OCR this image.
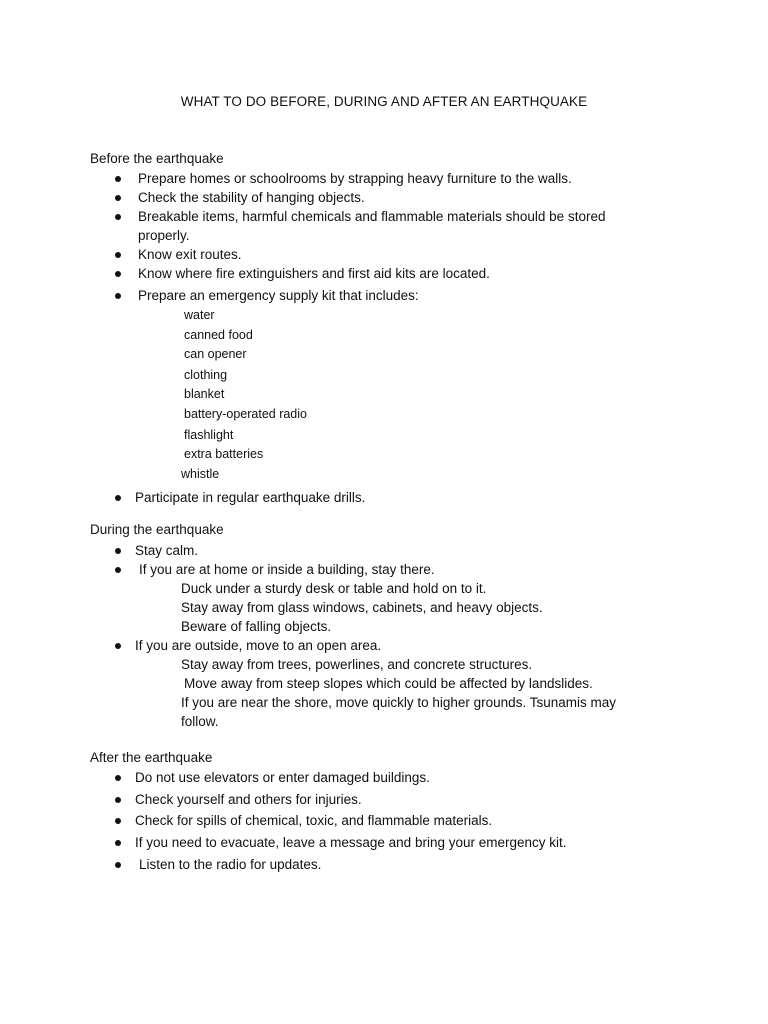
WHAT TO DO BEFORE, DURING AND AFTER AN EARTHQUAKE
Before the earthquake
Prepare homes or schoolrooms by strapping heavy furniture to the walls.
Check the stability of hanging objects.
Breakable items, harmful chemicals and flammable materials should be stored properly.
Know exit routes.
Know where fire extinguishers and first aid kits are located.
Prepare an emergency supply kit that includes:
water
canned food
can opener
clothing
blanket
battery-operated radio
flashlight
extra batteries
whistle
Participate in regular earthquake drills.
During the earthquake
Stay calm.
If you are at home or inside a building, stay there.
Duck under a sturdy desk or table and hold on to it.
Stay away from glass windows, cabinets, and heavy objects.
Beware of falling objects.
If you are outside, move to an open area.
Stay away from trees, powerlines, and concrete structures.
Move away from steep slopes which could be affected by landslides.
If you are near the shore, move quickly to higher grounds. Tsunamis may follow.
After the earthquake
Do not use elevators or enter damaged buildings.
Check yourself and others for injuries.
Check for spills of chemical, toxic, and flammable materials.
If you need to evacuate, leave a message and bring your emergency kit.
Listen to the radio for updates.
